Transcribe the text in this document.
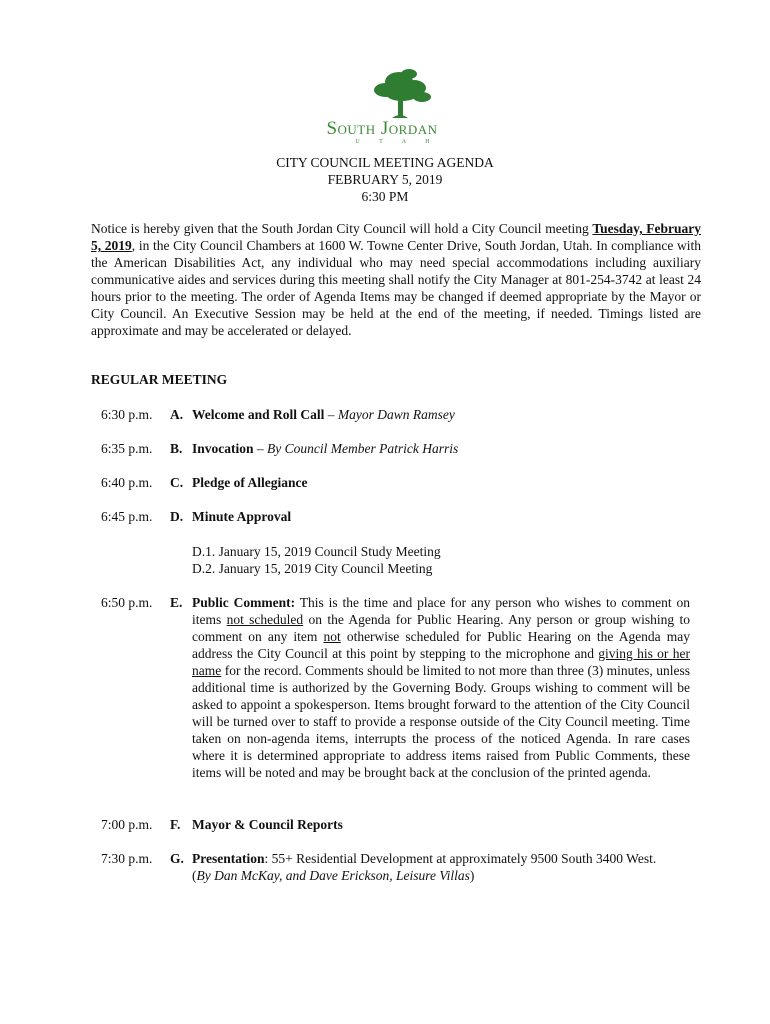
South Jordan
U T A H
CITY COUNCIL MEETING AGENDA
FEBRUARY 5, 2019
6:30 PM
Notice is hereby given that the South Jordan City Council will hold a City Council meeting Tuesday, February 5, 2019, in the City Council Chambers at 1600 W. Towne Center Drive, South Jordan, Utah. In compliance with the American Disabilities Act, any individual who may need special accommodations including auxiliary communicative aides and services during this meeting shall notify the City Manager at 801-254-3742 at least 24 hours prior to the meeting. The order of Agenda Items may be changed if deemed appropriate by the Mayor or City Council. An Executive Session may be held at the end of the meeting, if needed. Timings listed are approximate and may be accelerated or delayed.
REGULAR MEETING
6:30 p.m. A. Welcome and Roll Call – Mayor Dawn Ramsey
6:35 p.m. B. Invocation – By Council Member Patrick Harris
6:40 p.m. C. Pledge of Allegiance
6:45 p.m. D. Minute Approval
D.1. January 15, 2019 Council Study Meeting
D.2. January 15, 2019 City Council Meeting
6:50 p.m. E. Public Comment: This is the time and place for any person who wishes to comment on items not scheduled on the Agenda for Public Hearing. Any person or group wishing to comment on any item not otherwise scheduled for Public Hearing on the Agenda may address the City Council at this point by stepping to the microphone and giving his or her name for the record. Comments should be limited to not more than three (3) minutes, unless additional time is authorized by the Governing Body. Groups wishing to comment will be asked to appoint a spokesperson. Items brought forward to the attention of the City Council will be turned over to staff to provide a response outside of the City Council meeting. Time taken on non-agenda items, interrupts the process of the noticed Agenda. In rare cases where it is determined appropriate to address items raised from Public Comments, these items will be noted and may be brought back at the conclusion of the printed agenda.
7:00 p.m. F. Mayor & Council Reports
7:30 p.m. G. Presentation: 55+ Residential Development at approximately 9500 South 3400 West.
(By Dan McKay, and Dave Erickson, Leisure Villas)
